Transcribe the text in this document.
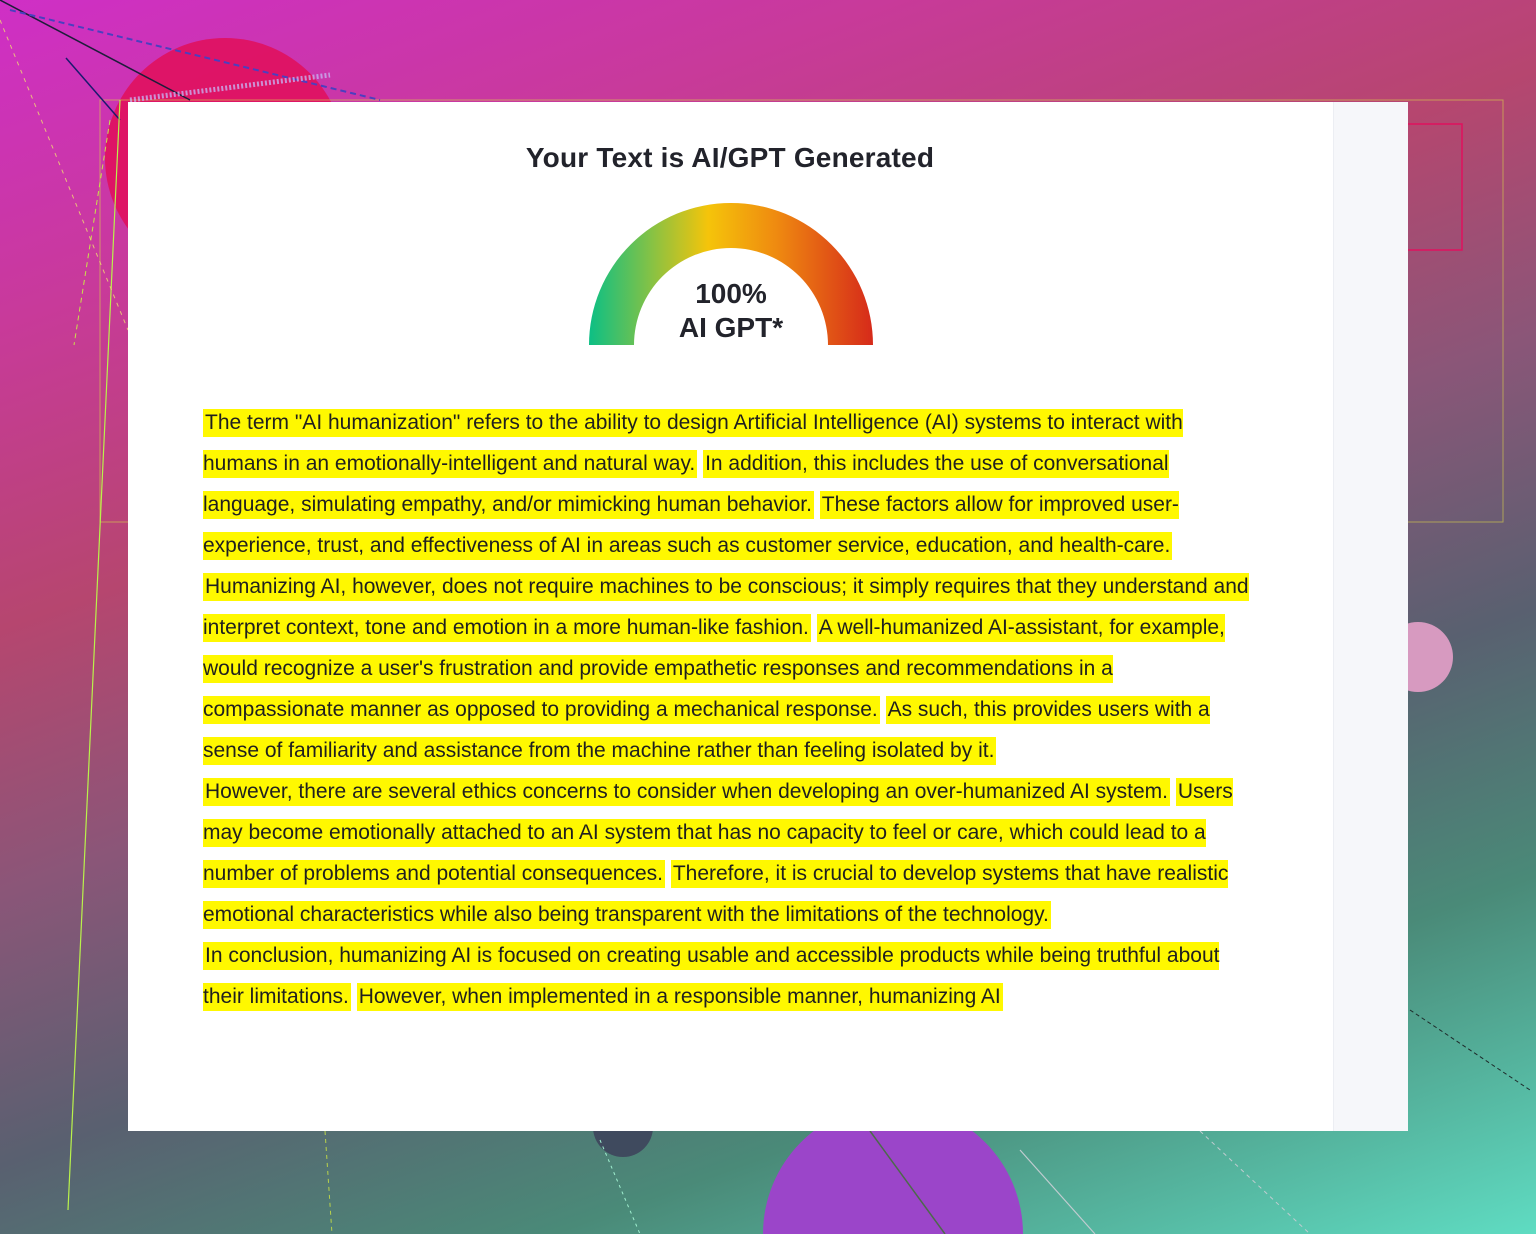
Your Text is AI/GPT Generated
100%
AI GPT*

The term "AI humanization" refers to the ability to design Artificial Intelligence (AI) systems to interact with humans in an emotionally-intelligent and natural way. In addition, this includes the use of conversational language, simulating empathy, and/or mimicking human behavior. These factors allow for improved user-experience, trust, and effectiveness of AI in areas such as customer service, education, and health-care.

Humanizing AI, however, does not require machines to be conscious; it simply requires that they understand and interpret context, tone and emotion in a more human-like fashion. A well-humanized AI-assistant, for example, would recognize a user's frustration and provide empathetic responses and recommendations in a compassionate manner as opposed to providing a mechanical response. As such, this provides users with a sense of familiarity and assistance from the machine rather than feeling isolated by it.

However, there are several ethics concerns to consider when developing an over-humanized AI system. Users may become emotionally attached to an AI system that has no capacity to feel or care, which could lead to a number of problems and potential consequences. Therefore, it is crucial to develop systems that have realistic emotional characteristics while also being transparent with the limitations of the technology.

In conclusion, humanizing AI is focused on creating usable and accessible products while being truthful about their limitations. However, when implemented in a responsible manner, humanizing AI
